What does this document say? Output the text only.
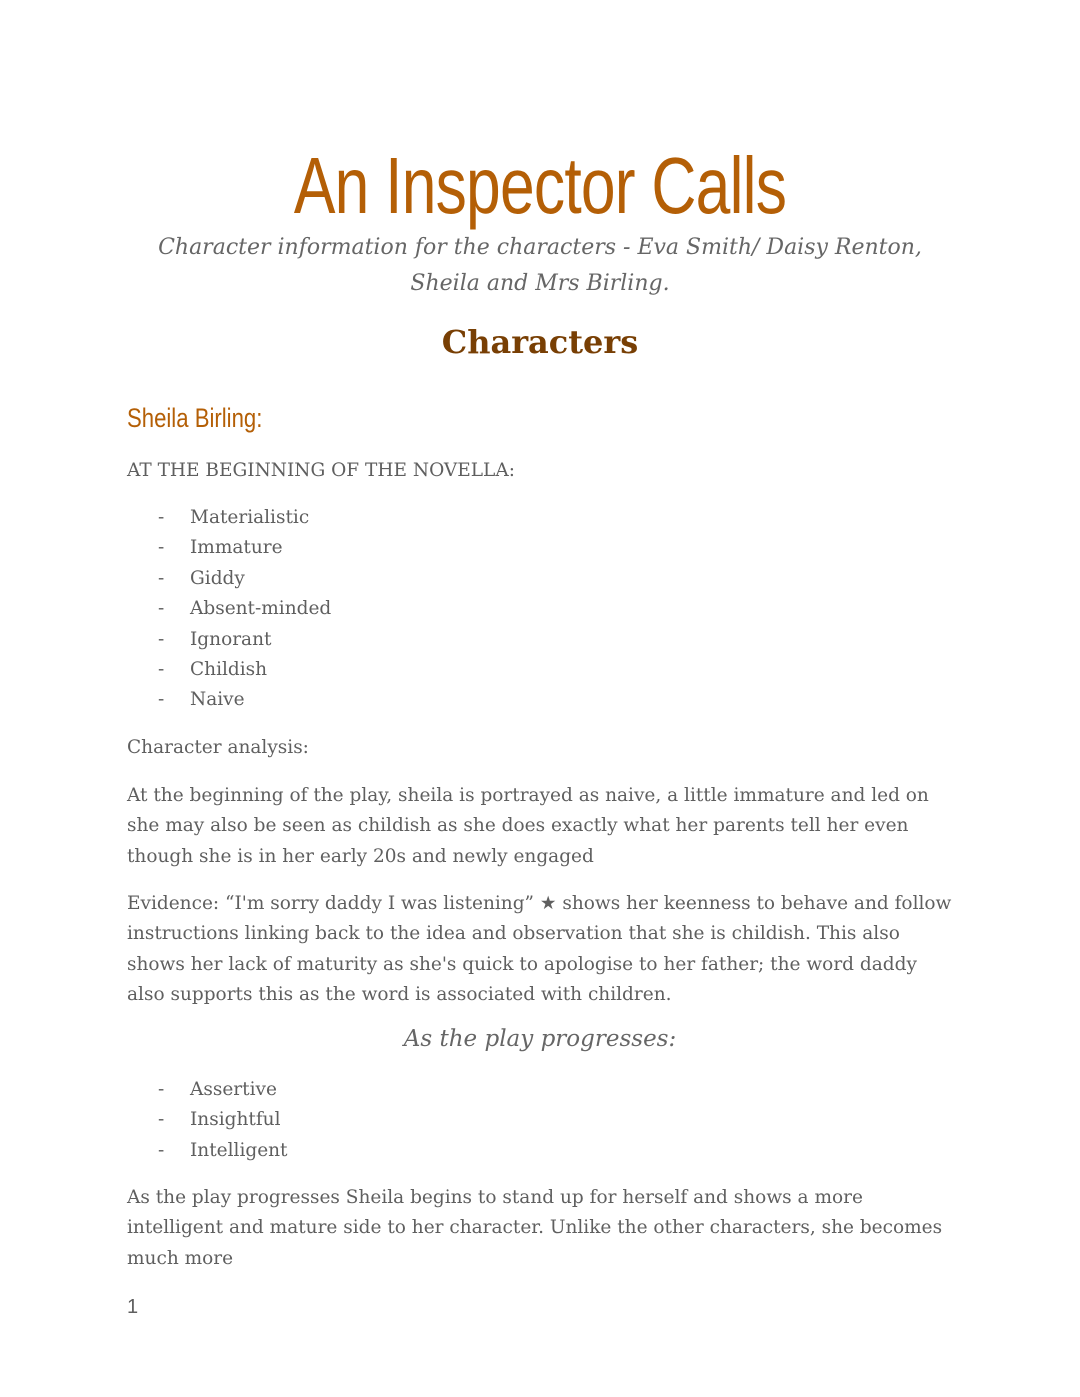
An Inspector Calls
Character information for the characters - Eva Smith/ Daisy Renton, Sheila and Mrs Birling.
Characters
Sheila Birling:
AT THE BEGINNING OF THE NOVELLA:
- Materialistic
- Immature
- Giddy
- Absent-minded
- Ignorant
- Childish
- Naive
Character analysis:
At the beginning of the play, sheila is portrayed as naive, a little immature and led on she may also be seen as childish as she does exactly what her parents tell her even though she is in her early 20s and newly engaged
Evidence: “I'm sorry daddy I was listening” ★ shows her keenness to behave and follow instructions linking back to the idea and observation that she is childish. This also shows her lack of maturity as she's quick to apologise to her father; the word daddy also supports this as the word is associated with children.
As the play progresses:
- Assertive
- Insightful
- Intelligent
As the play progresses Sheila begins to stand up for herself and shows a more intelligent and mature side to her character. Unlike the other characters, she becomes much more
1
